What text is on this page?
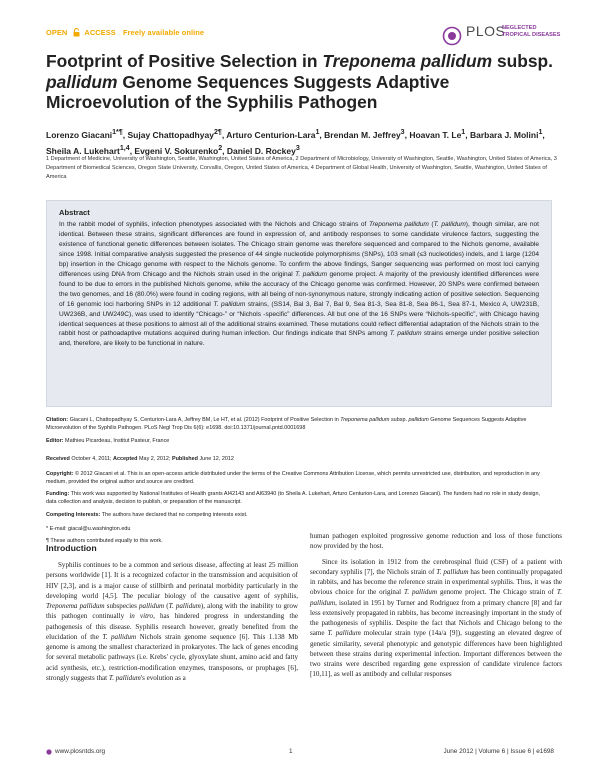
OPEN ACCESS Freely available online	PLOS
NEGLECTED
TROPICAL DISEASES
Footprint of Positive Selection in Treponema pallidum subsp. pallidum Genome Sequences Suggests Adaptive Microevolution of the Syphilis Pathogen
Lorenzo Giacani$^{1*\P}$, Sujay Chattopadhyay$^{2\P}$, Arturo Centurion-Lara$^1$, Brendan M. Jeffrey$^3$, Hoavan T. Le$^1$, Barbara J. Molini$^1$, Sheila A. Lukehart$^{1,4}$, Evgeni V. Sokurenko$^2$, Daniel D. Rockey$^3$
1 Department of Medicine, University of Washington, Seattle, Washington, United States of America, 2 Department of Microbiology, University of Washington, Seattle, Washington, United States of America, 3 Department of Biomedical Sciences, Oregon State University, Corvallis, Oregon, United States of America, 4 Department of Global Health, University of Washington, Seattle, Washington, United States of America
Abstract
In the rabbit model of syphilis, infection phenotypes associated with the Nichols and Chicago strains of Treponema pallidum (T. pallidum), though similar, are not identical. Between these strains, significant differences are found in expression of, and antibody responses to some candidate virulence factors, suggesting the existence of functional genetic differences between isolates. The Chicago strain genome was therefore sequenced and compared to the Nichols genome, available since 1998. Initial comparative analysis suggested the presence of 44 single nucleotide polymorphisms (SNPs), 103 small (≤3 nucleotides) indels, and 1 large (1204 bp) insertion in the Chicago genome with respect to the Nichols genome. To confirm the above findings, Sanger sequencing was performed on most loci carrying differences using DNA from Chicago and the Nichols strain used in the original T. pallidum genome project. A majority of the previously identified differences were found to be due to errors in the published Nichols genome, while the accuracy of the Chicago genome was confirmed. However, 20 SNPs were confirmed between the two genomes, and 16 (80.0%) were found in coding regions, with all being of non-synonymous nature, strongly indicating action of positive selection. Sequencing of 16 genomic loci harboring SNPs in 12 additional T. pallidum strains, (SS14, Bal 3, Bal 7, Bal 9, Sea 81-3, Sea 81-8, Sea 86-1, Sea 87-1, Mexico A, UW231B, UW236B, and UW249C), was used to identify “Chicago-” or “Nichols -specific” differences. All but one of the 16 SNPs were “Nichols-specific”, with Chicago having identical sequences at these positions to almost all of the additional strains examined. These mutations could reflect differential adaptation of the Nichols strain to the rabbit host or pathoadaptive mutations acquired during human infection. Our findings indicate that SNPs among T. pallidum strains emerge under positive selection and, therefore, are likely to be functional in nature.
Citation: Giacani L, Chattopadhyay S, Centurion-Lara A, Jeffrey BM, Le HT, et al. (2012) Footprint of Positive Selection in Treponema pallidum subsp. pallidum Genome Sequences Suggests Adaptive Microevolution of the Syphilis Pathogen. PLoS Negl Trop Dis 6(6): e1698. doi:10.1371/journal.pntd.0001698
Editor: Mathieu Picardeau, Institut Pasteur, France
Received October 4, 2011; Accepted May 2, 2012; Published June 12, 2012
Copyright: © 2012 Giacani et al. This is an open-access article distributed under the terms of the Creative Commons Attribution License, which permits unrestricted use, distribution, and reproduction in any medium, provided the original author and source are credited.
Funding: This work was supported by National Institutes of Health grants AI42143 and AI63940 (to Sheila A. Lukehart, Arturo Centurion-Lara, and Lorenzo Giacani). The funders had no role in study design, data collection and analysis, decision to publish, or preparation of the manuscript.
Competing Interests: The authors have declared that no competing interests exist.
* E-mail: giacal@u.washington.edu
¶ These authors contributed equally to this work.
Introduction

Syphilis continues to be a common and serious disease, affecting at least 25 million persons worldwide [1]. It is a recognized cofactor in the transmission and acquisition of HIV [2,3], and is a major cause of stillbirth and perinatal morbidity particularly in the developing world [4,5]. The peculiar biology of the causative agent of syphilis, Treponema pallidum subspecies pallidum (T. pallidum), along with the inability to grow this pathogen continually in vitro, has hindered progress in understanding the pathogenesis of this disease. Syphilis research however, greatly benefited from the elucidation of the T. pallidum Nichols strain genome sequence [6]. This 1.138 Mb genome is among the smallest characterized in prokaryotes. The lack of genes encoding for several metabolic pathways (i.e. Krebs' cycle, glyoxylate shunt, amino acid and fatty acid synthesis, etc.), restriction-modification enzymes, transposons, or prophages [6], strongly suggests that T. pallidum's evolution as a

human pathogen exploited progressive genome reduction and loss of those functions now provided by the host.

Since its isolation in 1912 from the cerebrospinal fluid (CSF) of a patient with secondary syphilis [7], the Nichols strain of T. pallidum has been continually propagated in rabbits, and has become the reference strain in experimental syphilis. Thus, it was the obvious choice for the original T. pallidum genome project. The Chicago strain of T. pallidum, isolated in 1951 by Turner and Rodriguez from a primary chancre [8] and far less extensively propagated in rabbits, has become increasingly important in the study of the pathogenesis of syphilis. Despite the fact that Nichols and Chicago belong to the same T. pallidum molecular strain type (14a/a [9]), suggesting an elevated degree of genetic similarity, several phenotypic and genotypic differences have been highlighted between these strains during experimental infection. Important differences between the two strains were described regarding gene expression of candidate virulence factors [10,11], as well as antibody and cellular responses

www.plosntds.org	1	June 2012 | Volume 6 | Issue 6 | e1698
